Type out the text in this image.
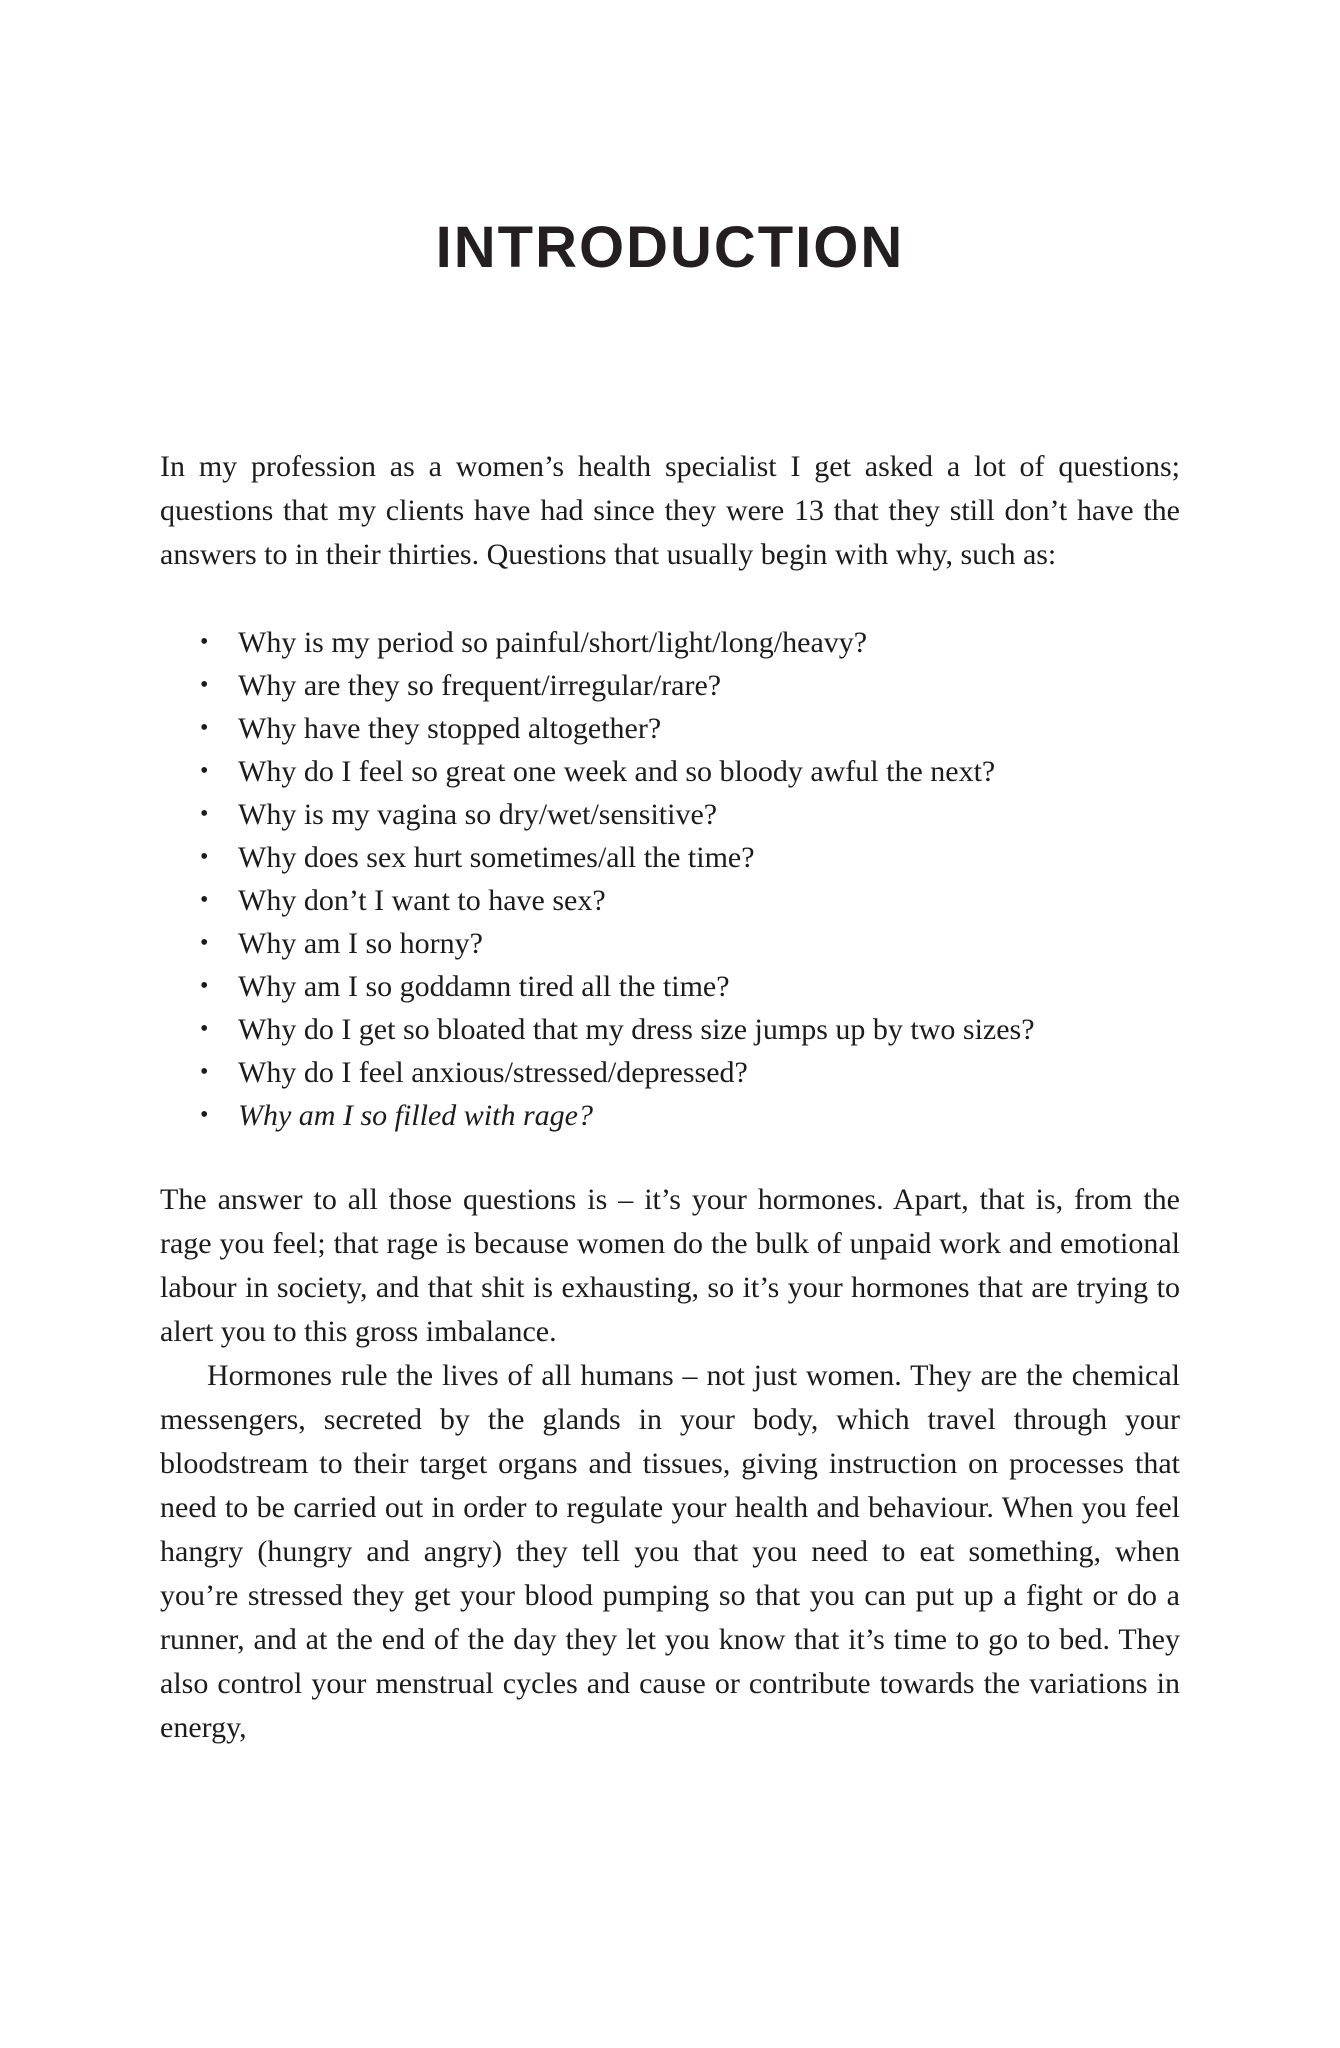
INTRODUCTION

In my profession as a women’s health specialist I get asked a lot of questions; questions that my clients have had since they were 13 that they still don’t have the answers to in their thirties. Questions that usually begin with why, such as:

• Why is my period so painful/short/light/long/heavy?
• Why are they so frequent/irregular/rare?
• Why have they stopped altogether?
• Why do I feel so great one week and so bloody awful the next?
• Why is my vagina so dry/wet/sensitive?
• Why does sex hurt sometimes/all the time?
• Why don’t I want to have sex?
• Why am I so horny?
• Why am I so goddamn tired all the time?
• Why do I get so bloated that my dress size jumps up by two sizes?
• Why do I feel anxious/stressed/depressed?
• Why am I so filled with rage?

The answer to all those questions is – it’s your hormones. Apart, that is, from the rage you feel; that rage is because women do the bulk of unpaid work and emotional labour in society, and that shit is exhausting, so it’s your hormones that are trying to alert you to this gross imbalance.

Hormones rule the lives of all humans – not just women. They are the chemical messengers, secreted by the glands in your body, which travel through your bloodstream to their target organs and tissues, giving instruction on processes that need to be carried out in order to regulate your health and behaviour. When you feel hangry (hungry and angry) they tell you that you need to eat something, when you’re stressed they get your blood pumping so that you can put up a fight or do a runner, and at the end of the day they let you know that it’s time to go to bed. They also control your menstrual cycles and cause or contribute towards the variations in energy,
